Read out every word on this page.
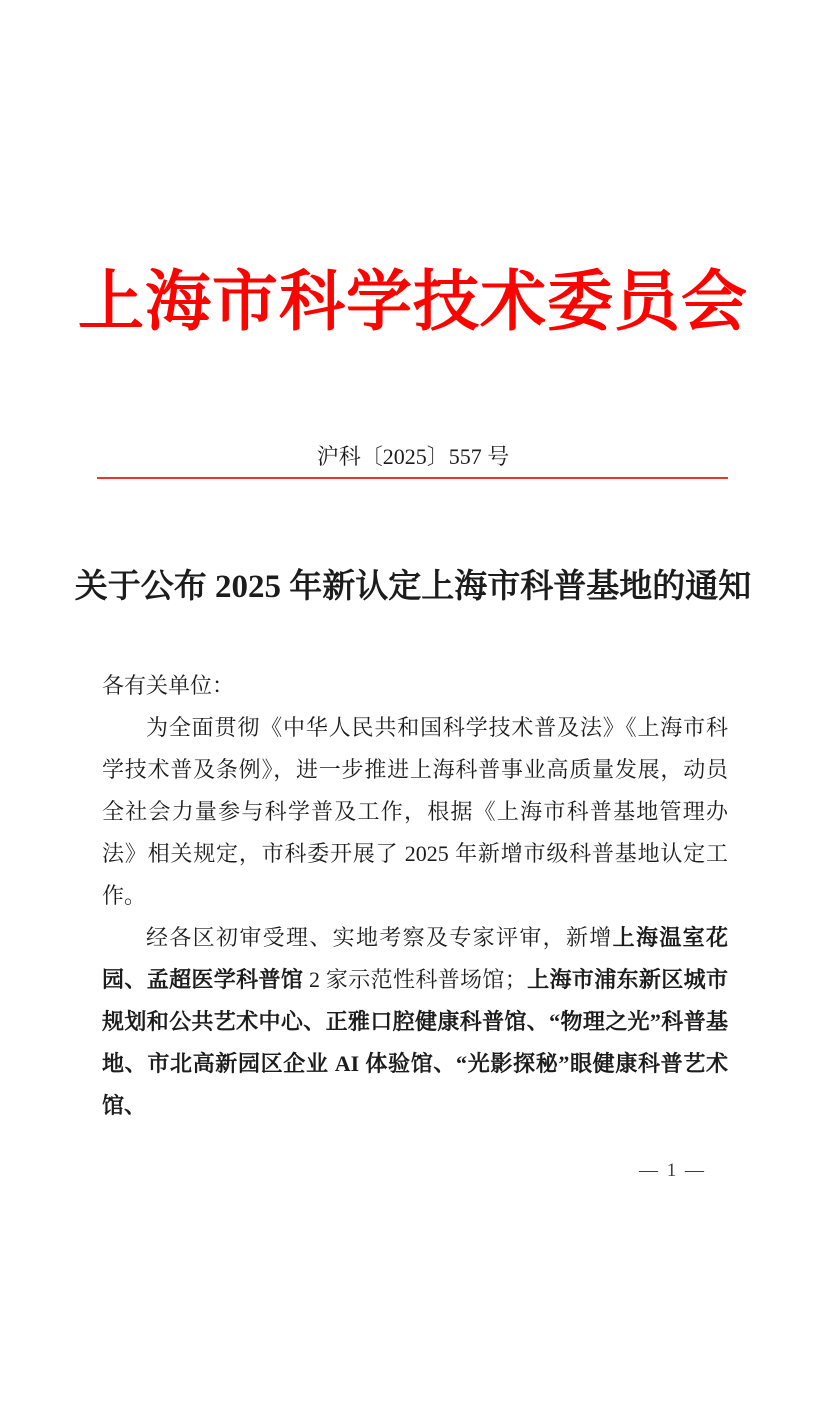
上海市科学技术委员会
沪科〔2025〕557 号
关于公布 2025 年新认定上海市科普基地的通知

各有关单位：

为全面贯彻《中华人民共和国科学技术普及法》《上海市科学技术普及条例》，进一步推进上海科普事业高质量发展，动员全社会力量参与科学普及工作，根据《上海市科普基地管理办法》相关规定，市科委开展了 2025 年新增市级科普基地认定工作。

经各区初审受理、实地考察及专家评审，新增上海温室花园、孟超医学科普馆 2 家示范性科普场馆；上海市浦东新区城市规划和公共艺术中心、正雅口腔健康科普馆、“物理之光”科普基地、市北高新园区企业 AI 体验馆、“光影探秘”眼健康科普艺术馆、

— 1 —
